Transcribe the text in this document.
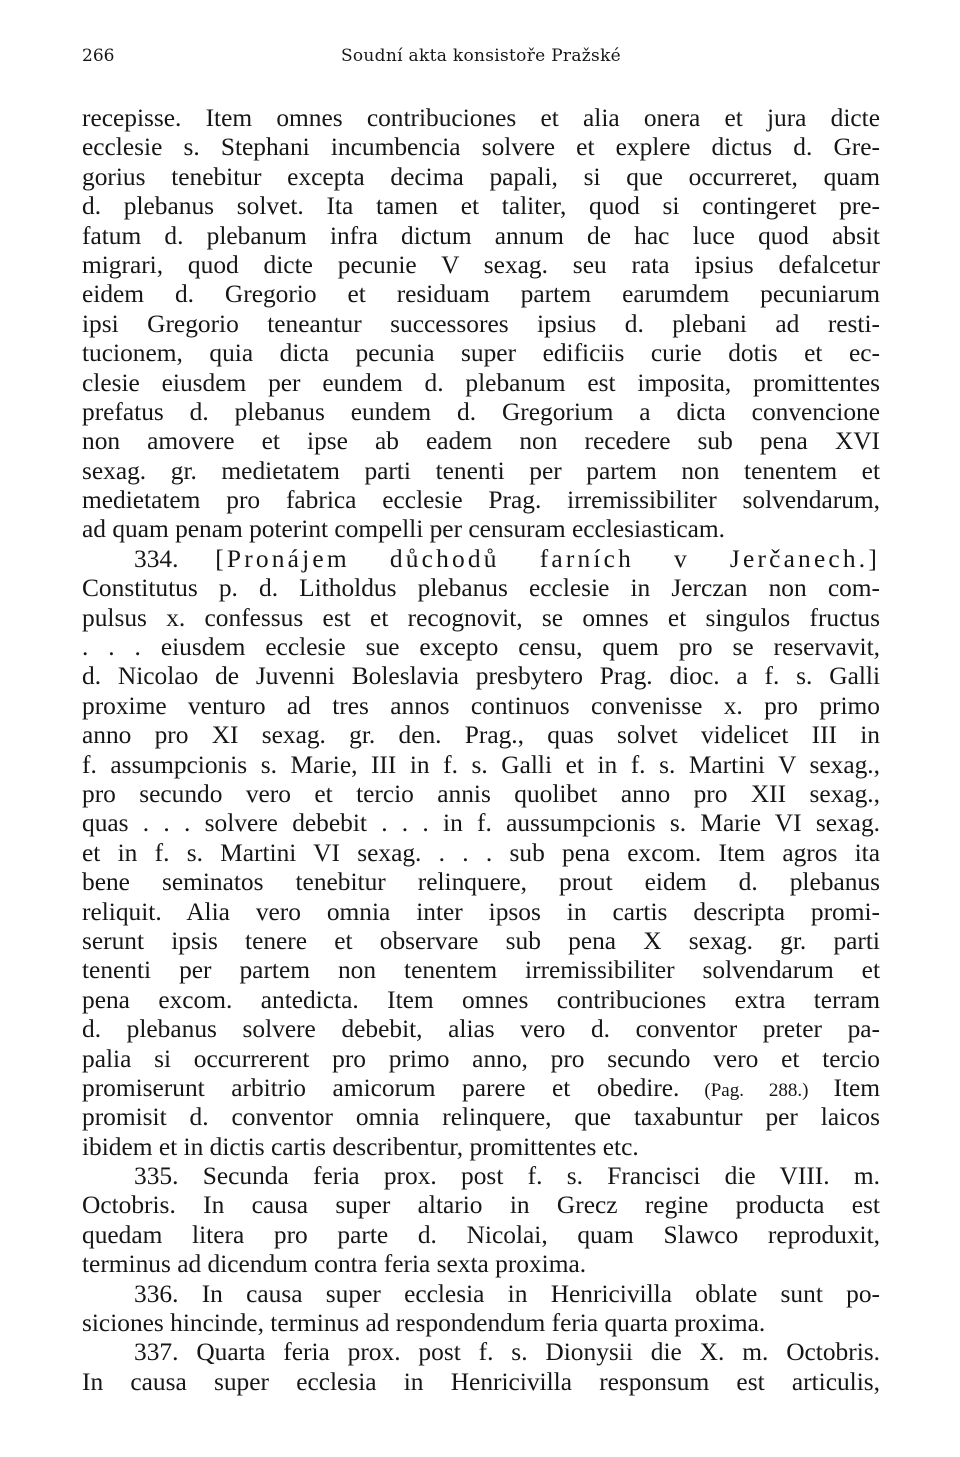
266	Soudní akta konsistoře Pražské
recepisse. Item omnes contribuciones et alia onera et jura dicte
ecclesie s. Stephani incumbencia solvere et explere dictus d. Gre-
gorius tenebitur excepta decima papali, si que occurreret, quam
d. plebanus solvet. Ita tamen et taliter, quod si contingeret pre-
fatum d. plebanum infra dictum annum de hac luce quod absit
migrari, quod dicte pecunie V sexag. seu rata ipsius defalcetur
eidem d. Gregorio et residuam partem earumdem pecuniarum
ipsi Gregorio teneantur successores ipsius d. plebani ad resti-
tucionem, quia dicta pecunia super edificiis curie dotis et ec-
clesie eiusdem per eundem d. plebanum est imposita, promittentes
prefatus d. plebanus eundem d. Gregorium a dicta convencione
non amovere et ipse ab eadem non recedere sub pena XVI
sexag. gr. medietatem parti tenenti per partem non tenentem et
medietatem pro fabrica ecclesie Prag. irremissibiliter solvendarum,
ad quam penam poterint compelli per censuram ecclesiasticam.
334. [Pronájem důchodů farních v Jerčanech.]
Constitutus p. d. Litholdus plebanus ecclesie in Jerczan non com-
pulsus x. confessus est et recognovit, se omnes et singulos fructus
. . . eiusdem ecclesie sue excepto censu, quem pro se reservavit,
d. Nicolao de Juvenni Boleslavia presbytero Prag. dioc. a f. s. Galli
proxime venturo ad tres annos continuos convenisse x. pro primo
anno pro XI sexag. gr. den. Prag., quas solvet videlicet III in
f. assumpcionis s. Marie, III in f. s. Galli et in f. s. Martini V sexag.,
pro secundo vero et tercio annis quolibet anno pro XII sexag.,
quas . . . solvere debebit . . . in f. aussumpcionis s. Marie VI sexag.
et in f. s. Martini VI sexag. . . . sub pena excom. Item agros ita
bene seminatos tenebitur relinquere, prout eidem d. plebanus
reliquit. Alia vero omnia inter ipsos in cartis descripta promi-
serunt ipsis tenere et observare sub pena X sexag. gr. parti
tenenti per partem non tenentem irremissibiliter solvendarum et
pena excom. antedicta. Item omnes contribuciones extra terram
d. plebanus solvere debebit, alias vero d. conventor preter pa-
palia si occurrerent pro primo anno, pro secundo vero et tercio
promiserunt arbitrio amicorum parere et obedire. (Pag. 288.) Item
promisit d. conventor omnia relinquere, que taxabuntur per laicos
ibidem et in dictis cartis describentur, promittentes etc.
335. Secunda feria prox. post f. s. Francisci die VIII. m.
Octobris. In causa super altario in Grecz regine producta est
quedam litera pro parte d. Nicolai, quam Slawco reproduxit,
terminus ad dicendum contra feria sexta proxima.
336. In causa super ecclesia in Henricivilla oblate sunt po-
siciones hincinde, terminus ad respondendum feria quarta proxima.
337. Quarta feria prox. post f. s. Dionysii die X. m. Octobris.
In causa super ecclesia in Henricivilla responsum est articulis,
